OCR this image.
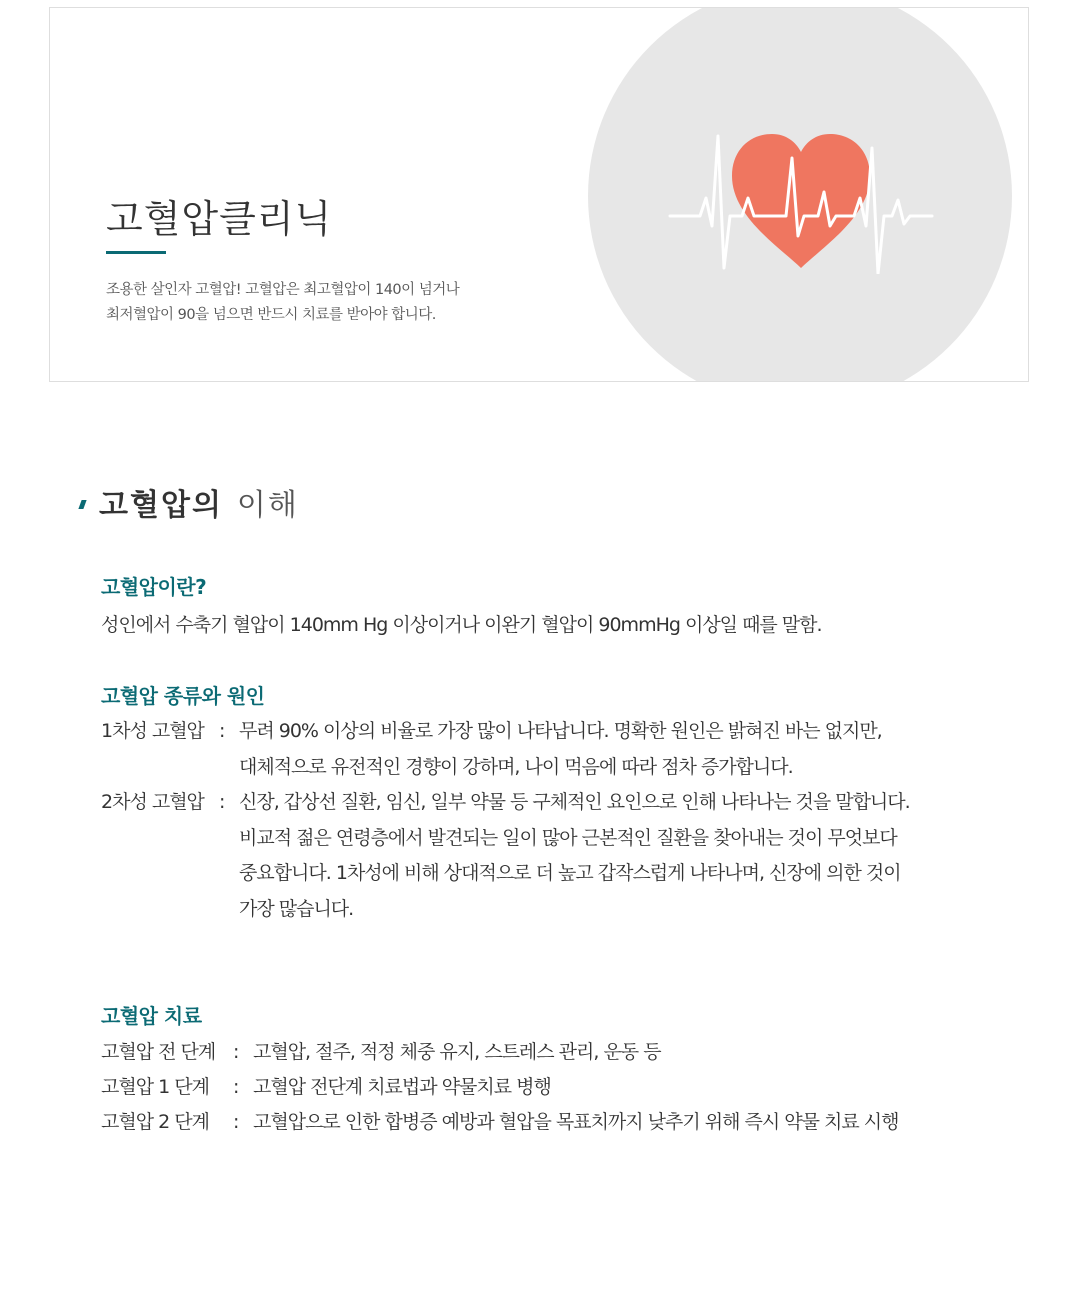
고혈압클리닉

조용한 살인자 고혈압! 고혈압은 최고혈압이 140이 넘거나
최저혈압이 90을 넘으면 반드시 치료를 받아야 합니다.

고혈압의 이해
고혈압이란?

성인에서 수축기 혈압이 140mm Hg 이상이거나 이완기 혈압이 90mmHg 이상일 때를 말함.

고혈압 종류와 원인
1차성 고혈압 : 무려 90% 이상의 비율로 가장 많이 나타납니다. 명확한 원인은 밝혀진 바는 없지만,
대체적으로 유전적인 경향이 강하며, 나이 먹음에 따라 점차 증가합니다.
2차성 고혈압 : 신장, 갑상선 질환, 임신, 일부 약물 등 구체적인 요인으로 인해 나타나는 것을 말합니다.
비교적 젊은 연령층에서 발견되는 일이 많아 근본적인 질환을 찾아내는 것이 무엇보다
중요합니다. 1차성에 비해 상대적으로 더 높고 갑작스럽게 나타나며, 신장에 의한 것이
가장 많습니다.
고혈압 치료
고혈압 전 단계 : 고혈압, 절주, 적정 체중 유지, 스트레스 관리, 운동 등
고혈압 1 단계	: 고혈압 전단계 치료법과 약물치료 병행
고혈압 2 단계	: 고혈압으로 인한 합병증 예방과 혈압을 목표치까지 낮추기 위해 즉시 약물 치료 시행
